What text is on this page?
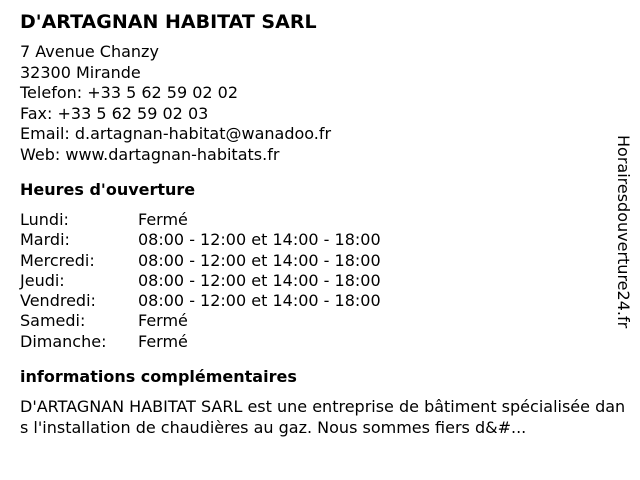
D'ARTAGNAN HABITAT SARL
7 Avenue Chanzy
32300 Mirande
Telefon: +33 5 62 59 02 02
Fax: +33 5 62 59 02 03
Email: d.artagnan-habitat@wanadoo.fr
Web: www.dartagnan-habitats.fr
Heures d'ouverture
Lundi:	Fermé
Mardi:	08:00 - 12:00 et 14:00 - 18:00
Mercredi:	08:00 - 12:00 et 14:00 - 18:00
Jeudi:	08:00 - 12:00 et 14:00 - 18:00
Vendredi:	08:00 - 12:00 et 14:00 - 18:00
Samedi:	Fermé
Dimanche:	Fermé
informations complémentaires
D'ARTAGNAN HABITAT SARL est une entreprise de bâtiment spécialisée dans l'installation de chaudières au gaz. Nous sommes fiers d&#...
Horairesdouverture24.fr
